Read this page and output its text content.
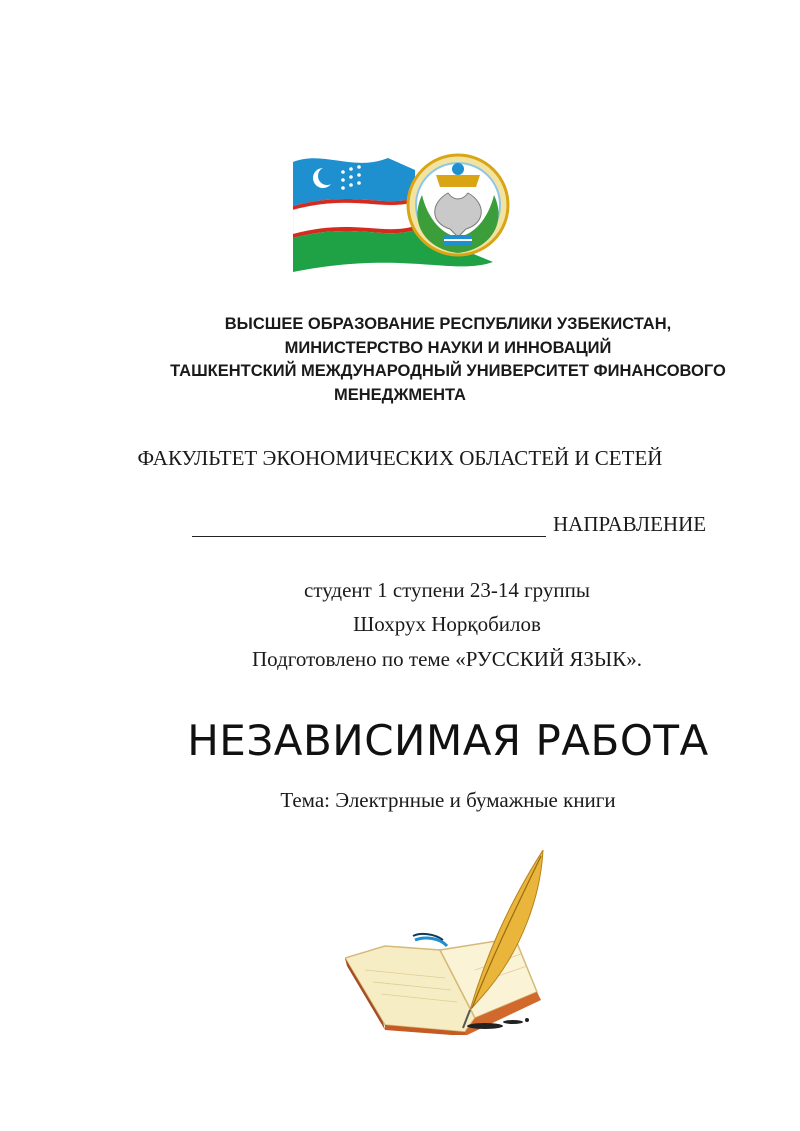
ВЫСШЕЕ ОБРАЗОВАНИЕ РЕСПУБЛИКИ УЗБЕКИСТАН,
МИНИСТЕРСТВО НАУКИ И ИННОВАЦИЙ
ТАШКЕНТСКИЙ МЕЖДУНАРОДНЫЙ УНИВЕРСИТЕТ ФИНАНСОВОГО
МЕНЕДЖМЕНТА
ФАКУЛЬТЕТ ЭКОНОМИЧЕСКИХ ОБЛАСТЕЙ И СЕТЕЙ
НАПРАВЛЕНИЕ
студент 1 ступени 23-14 группы
Шохрух Норқобилов
Подготовлено по теме «РУССКИЙ ЯЗЫК».
НЕЗАВИСИМАЯ РАБОТА
Тема: Электрнные и бумажные книги
